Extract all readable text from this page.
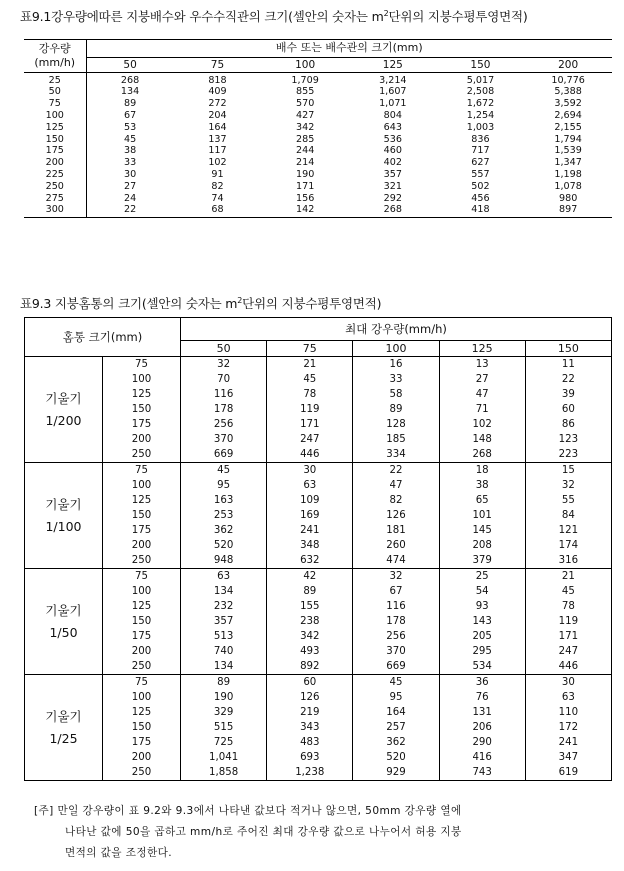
표9.1강우량에따른 지붕배수와 우수수직관의 크기(셀안의 숫자는 $m^2$단위의 지붕수평투영면적)
강우량
(mm/h)	배수 또는 배수관의 크기(mm)					
	50	75	100	125	150	200
25	268	818	1,709	3,214	5,017	10,776
50	134	409	855	1,607	2,508	5,388
75	89	272	570	1,071	1,672	3,592
100	67	204	427	804	1,254	2,694
125	53	164	342	643	1,003	2,155
150	45	137	285	536	836	1,794
175	38	117	244	460	717	1,539
200	33	102	214	402	627	1,347
225	30	91	190	357	557	1,198
250	27	82	171	321	502	1,078
275	24	74	156	292	456	980
300	22	68	142	268	418	897
표9.3 지붕홈통의 크기(셀안의 숫자는 $m^2$단위의 지붕수평투영면적)
홈통 크기(mm)		최대 강우량(mm/h)				
		50	75	100	125	150
기울기
1/200	75	32	21	16	13	11
	100	70	45	33	27	22
	125	116	78	58	47	39
	150	178	119	89	71	60
	175	256	171	128	102	86
	200	370	247	185	148	123
	250	669	446	334	268	223
기울기
1/100	75	45	30	22	18	15
	100	95	63	47	38	32
	125	163	109	82	65	55
	150	253	169	126	101	84
	175	362	241	181	145	121
	200	520	348	260	208	174
	250	948	632	474	379	316
기울기
1/50	75	63	42	32	25	21
	100	134	89	67	54	45
	125	232	155	116	93	78
	150	357	238	178	143	119
	175	513	342	256	205	171
	200	740	493	370	295	247
	250	134	892	669	534	446
기울기
1/25	75	89	60	45	36	30
	100	190	126	95	76	63
	125	329	219	164	131	110
	150	515	343	257	206	172
	175	725	483	362	290	241
	200	1,041	693	520	416	347
	250	1,858	1,238	929	743	619
[주] 만일 강우량이 표 9.2와 9.3에서 나타낸 값보다 적거나 않으면, 50mm 강우량 열에
나타난 값에 50을 곱하고 mm/h로 주어진 최대 강우량 값으로 나누어서 허용 지붕
면적의 값을 조정한다.
